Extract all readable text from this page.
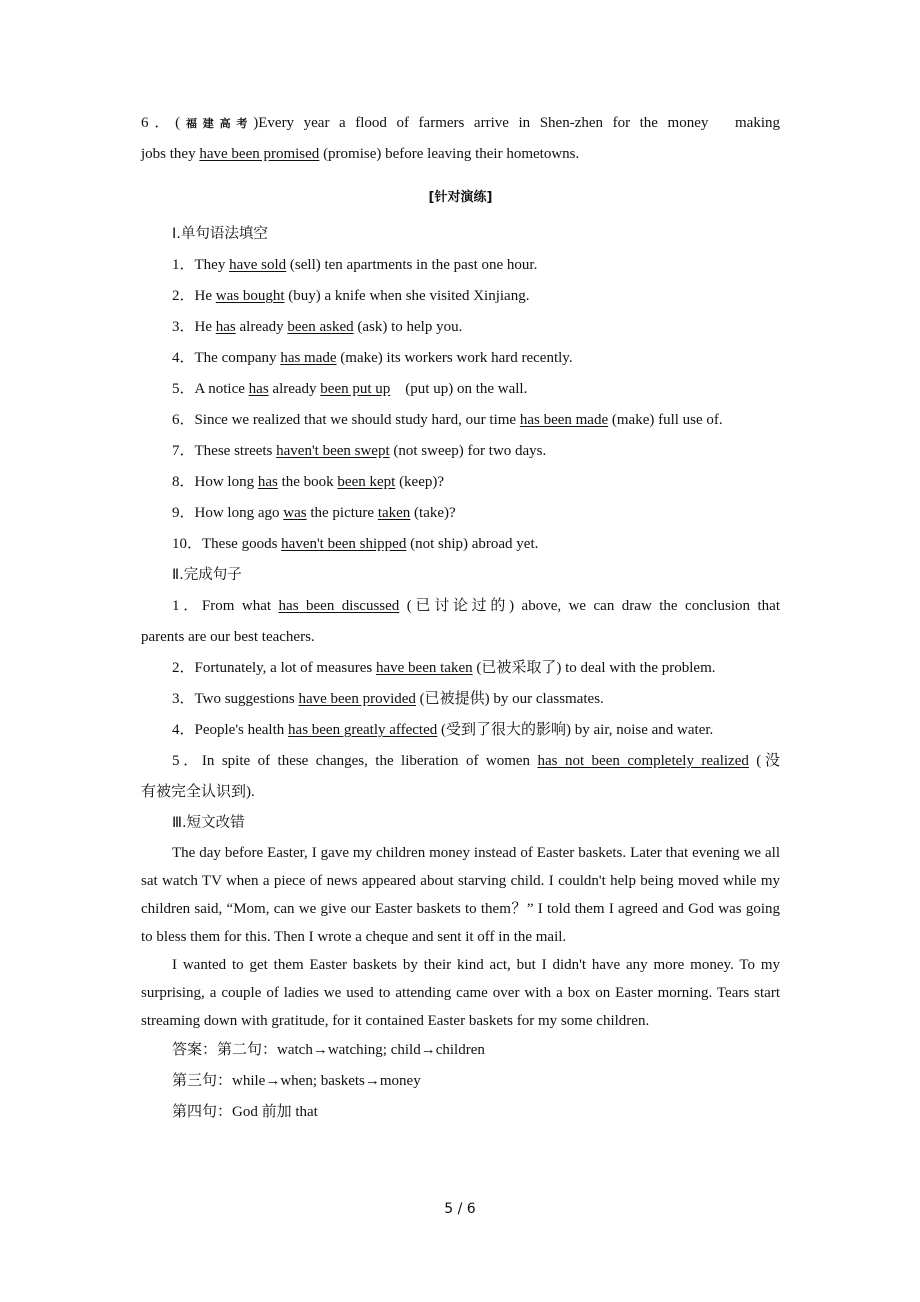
6．(福建高考)Every year a flood of farmers arrive in Shen-zhen for the money　making

jobs they have been promised (promise) before leaving their hometowns.

[针对演练]

Ⅰ.单句语法填空

1．They have sold (sell) ten apartments in the past one hour.

2．He was bought (buy) a knife when she visited Xinjiang.

3．He has already been asked (ask) to help you.

4．The company has made (make) its workers work hard recently.

5．A notice has already been put up　(put up) on the wall.

6．Since we realized that we should study hard, our time has been made (make) full use of.

7．These streets haven't been swept (not sweep) for two days.

8．How long has the book been kept (keep)?

9．How long ago was the picture taken (take)?

10．These goods haven't been shipped (not ship) abroad yet.

Ⅱ.完成句子

1．From what has been discussed (已讨论过的) above, we can draw the conclusion that

parents are our best teachers.

2．Fortunately, a lot of measures have been taken (已被采取了) to deal with the problem.

3．Two suggestions have been provided (已被提供) by our classmates.

4．People's health has been greatly affected (受到了很大的影响) by air, noise and water.

5．In spite of these changes, the liberation of women has not been completely realized (没

有被完全认识到).

Ⅲ.短文改错

The day before Easter, I gave my children money instead of Easter baskets. Later that evening we all sat watch TV when a piece of news appeared about starving child. I couldn't help being moved while my children said, “Mom, can we give our Easter baskets to them？” I told them I agreed and God was going to bless them for this. Then I wrote a cheque and sent it off in the mail.

I wanted to get them Easter baskets by their kind act, but I didn't have any more money. To my surprising, a couple of ladies we used to attending came over with a box on Easter morning. Tears start streaming down with gratitude, for it contained Easter baskets for my some children.

答案：第二句：watch→watching; child→children

第三句：while→when; baskets→money

第四句：God 前加 that

5 / 6
